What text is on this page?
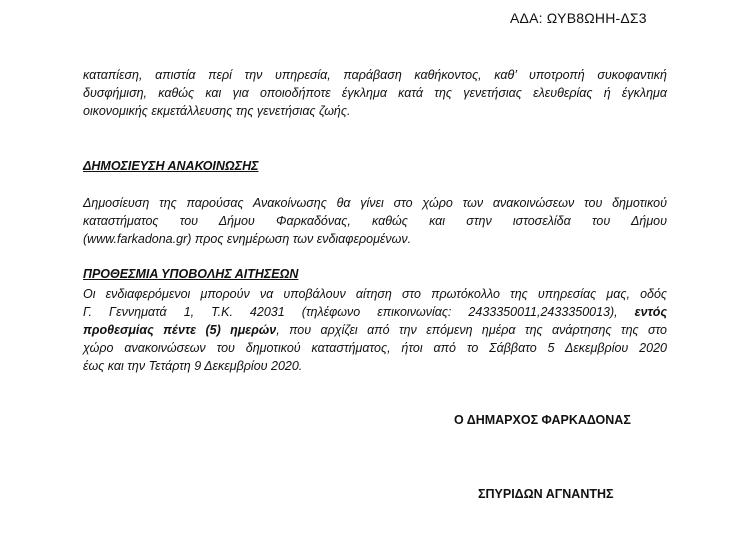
ΑΔΑ: ΩΥΒ8ΩΗΗ-ΔΣ3
καταπίεση, απιστία περί την υπηρεσία, παράβαση καθήκοντος, καθ’ υποτροπή συκοφαντική
δυσφήμιση, καθώς και για οποιοδήποτε έγκλημα κατά της γενετήσιας ελευθερίας ή έγκλημα
οικονομικής εκμετάλλευσης της γενετήσιας ζωής.
ΔΗΜΟΣΙΕΥΣΗ ΑΝΑΚΟΙΝΩΣΗΣ
Δημοσίευση της παρούσας Ανακοίνωσης θα γίνει στο χώρο των ανακοινώσεων του δημοτικού
καταστήματος του Δήμου Φαρκαδόνας, καθώς και στην ιστοσελίδα του Δήμου
(www.farkadona.gr) προς ενημέρωση των ενδιαφερομένων.
ΠΡΟΘΕΣΜΙΑ ΥΠΟΒΟΛΗΣ ΑΙΤΗΣΕΩΝ
Οι ενδιαφερόμενοι μπορούν να υποβάλουν αίτηση στο πρωτόκολλο της υπηρεσίας μας, οδός
Γ. Γεννηματά 1, Τ.Κ. 42031 (τηλέφωνο επικοινωνίας: 2433350011,2433350013), εντός
προθεσμίας πέντε (5) ημερών, που αρχίζει από την επόμενη ημέρα της ανάρτησης της στο
χώρο ανακοινώσεων του δημοτικού καταστήματος, ήτοι από το Σάββατο 5 Δεκεμβρίου 2020
έως και την Τετάρτη 9 Δεκεμβρίου 2020.
Ο ΔΗΜΑΡΧΟΣ ΦΑΡΚΑΔΟΝΑΣ
ΣΠΥΡΙΔΩΝ ΑΓΝΑΝΤΗΣ
